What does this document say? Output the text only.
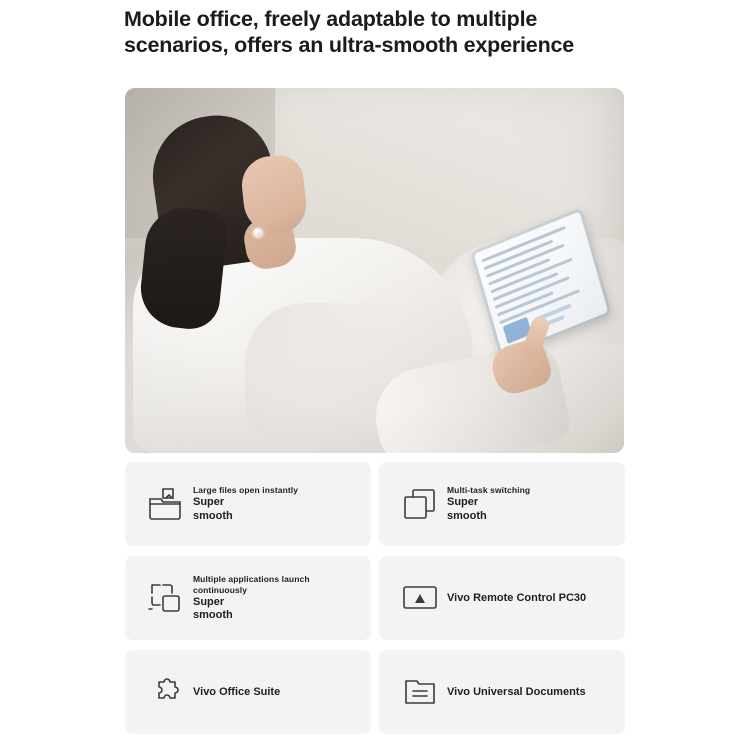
Mobile office, freely adaptable to multiple scenarios, offers an ultra-smooth experience
Large files open instantly
Super
smooth
Multi-task switching
Super
smooth
Multiple applications launch continuously
Super
smooth
Vivo Remote Control PC30
Vivo Office Suite	Vivo Universal Documents
